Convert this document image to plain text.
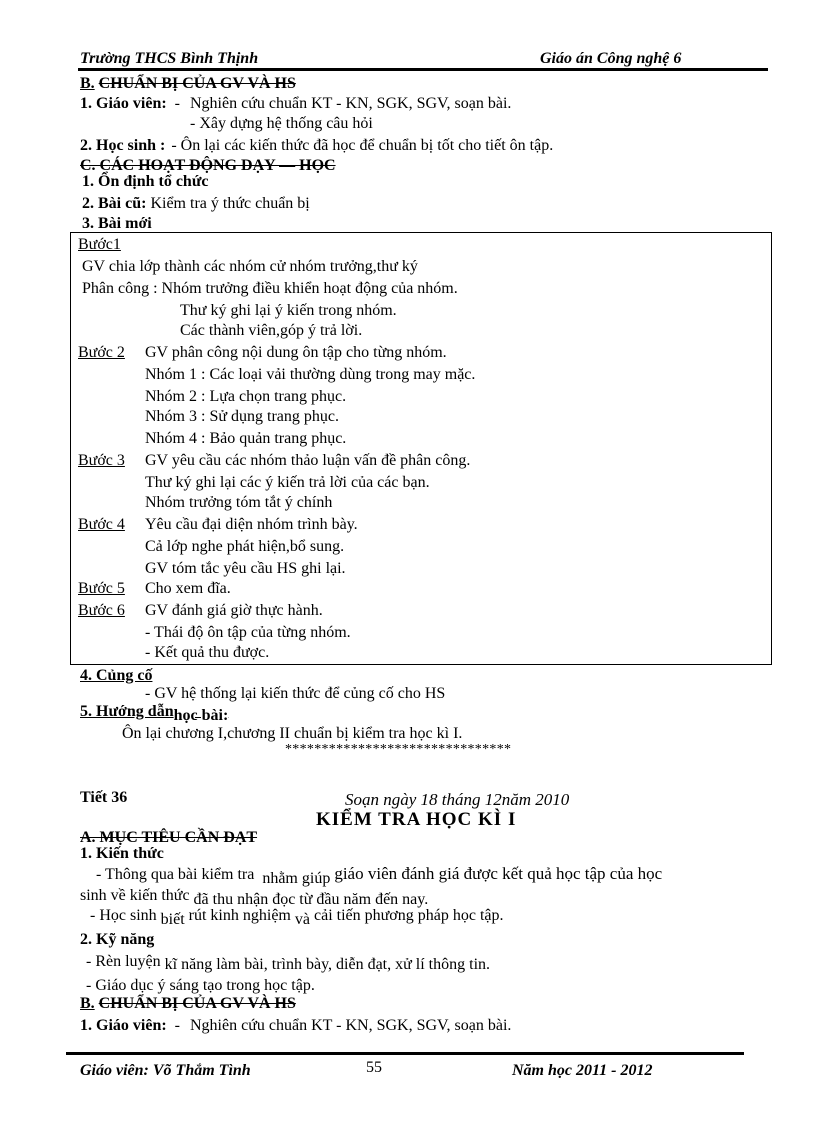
Trường THCS Bình Thịnh	Giáo án Công nghệ 6
B. CHUẨN BỊ CỦA GV VÀ HS
1. Giáo viên: - Nghiên cứu chuẩn KT - KN, SGK, SGV, soạn bài.
- Xây dựng hệ thống câu hỏi
2. Học sinh : - Ôn lại các kiến thức đã học để chuẩn bị tốt cho tiết ôn tập.
C. CÁC HOẠT ĐỘNG DẠY — HỌC
1. Ổn định tổ chức
2. Bài cũ: Kiểm tra ý thức chuẩn bị
3. Bài mới
Bước1
GV chia lớp thành các nhóm cử nhóm trưởng,thư ký
Phân công : Nhóm trưởng điều khiển hoạt động của nhóm.
Thư ký ghi lại ý kiến trong nhóm.
Các thành viên,góp ý trả lời.
Bước 2 GV phân công nội dung ôn tập cho từng nhóm.
Nhóm 1 : Các loại vải thường dùng trong may mặc.
Nhóm 2 : Lựa chọn trang phục.
Nhóm 3 : Sử dụng trang phục.
Nhóm 4 : Bảo quản trang phục.
Bước 3 GV yêu cầu các nhóm thảo luận vấn đề phân công.
Thư ký ghi lại các ý kiến trả lời của các bạn.
Nhóm trưởng tóm tắt ý chính
Bước 4 Yêu cầu đại diện nhóm trình bày.
Cả lớp nghe phát hiện,bổ sung.
GV tóm tắc yêu cầu HS ghi lại.
Bước 5 Cho xem đĩa.
Bước 6 GV đánh giá giờ thực hành.
- Thái độ ôn tập của từng nhóm.
- Kết quả thu được.
4. Củng cố
- GV hệ thống lại kiến thức để củng cố cho HS
5. Hướng dẫnhọc bài:
Ôn lại chương I,chương II chuẩn bị kiểm tra học kì I.
*******************************
Tiết 36	Soạn ngày 18 tháng 12năm 2010
KIỂM TRA HỌC KÌ I
A. MỤC TIÊU CẦN ĐẠT
1. Kiến thức
- Thông qua bài kiểm tra nhằm giúp giáo viên đánh giá được kết quả học tập của học
sinh về kiến thức đã thu nhận đọc từ đầu năm đến nay.
- Học sinh biết rút kinh nghiệm và cải tiến phương pháp học tập.
2. Kỹ năng
- Rèn luyện kĩ năng làm bài, trình bày, diễn đạt, xử lí thông tin.
- Giáo dục ý sáng tạo trong học tập.
B. CHUẨN BỊ CỦA GV VÀ HS
1. Giáo viên: - Nghiên cứu chuẩn KT - KN, SGK, SGV, soạn bài.
Giáo viên: Võ Thắm Tình	55	Năm học 2011 - 2012
